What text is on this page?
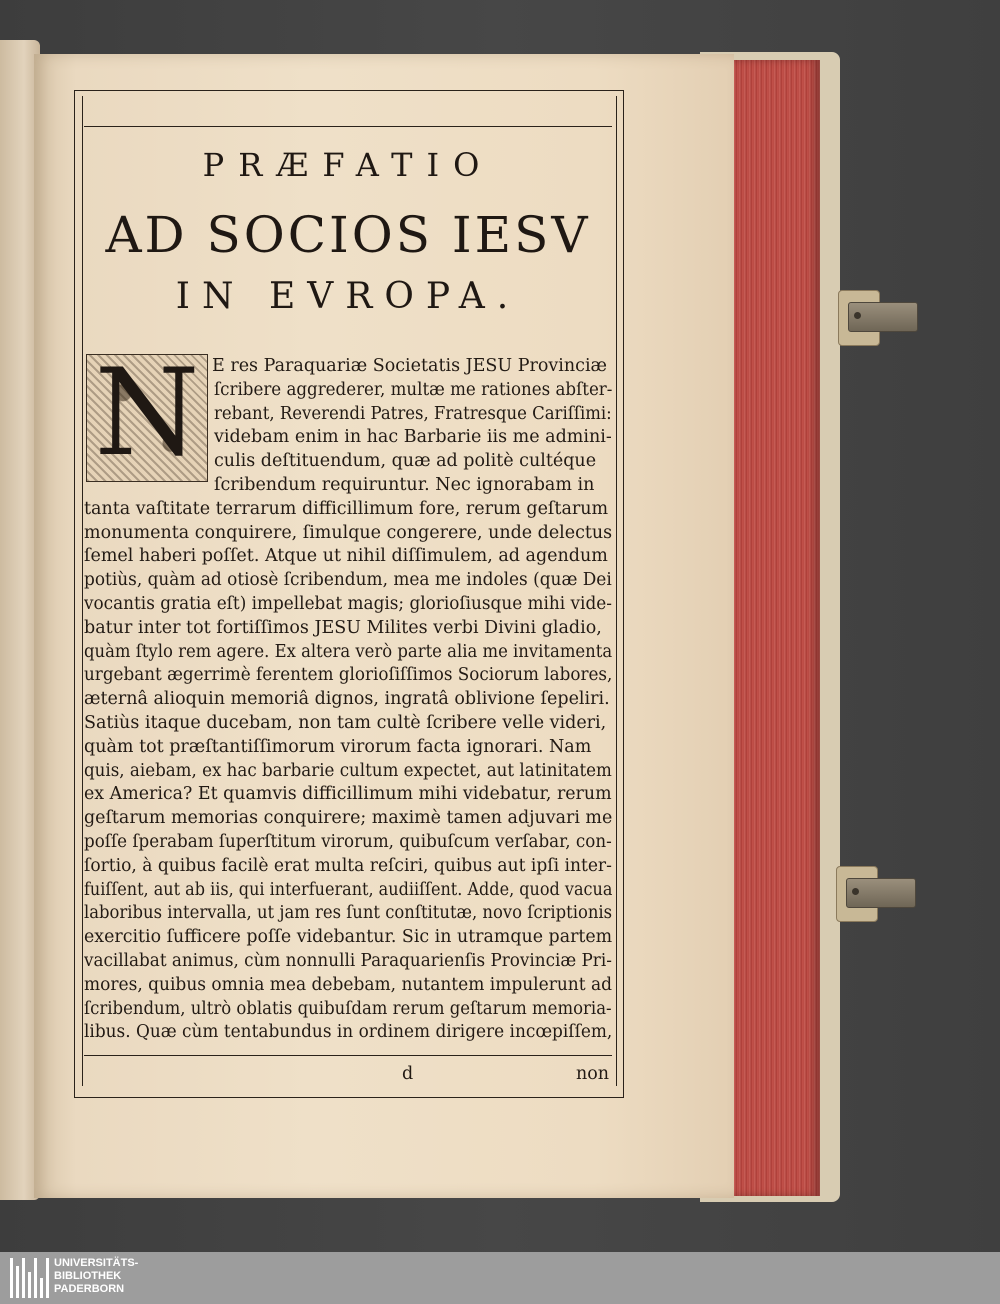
PRÆFATIO
AD SOCIOS IESV
IN EVROPA.
N E res Paraquariæ Societatis JESU Provinciæ
ſcribere aggrederer, multæ me rationes abſter-
rebant, Reverendi Patres, Fratresque Cariſſimi:
videbam enim in hac Barbarie iis me admini-
culis deſtituendum, quæ ad politè cultéque
ſcribendum requiruntur. Nec ignorabam in
tanta vaſtitate terrarum difficillimum fore, rerum geſtarum
monumenta conquirere, ſimulque congerere, unde delectus
ſemel haberi poſſet. Atque ut nihil diſſimulem, ad agendum
potiùs, quàm ad otiosè ſcribendum, mea me indoles (quæ Dei
vocantis gratia eſt) impellebat magis; glorioſiusque mihi vide-
batur inter tot fortiſſimos JESU Milites verbi Divini gladio,
quàm ſtylo rem agere. Ex altera verò parte alia me invitamenta
urgebant ægerrimè ferentem glorioſiſſimos Sociorum labores,
æternâ alioquin memoriâ dignos, ingratâ oblivione ſepeliri.
Satiùs itaque ducebam, non tam cultè ſcribere velle videri,
quàm tot præſtantiſſimorum virorum facta ignorari. Nam
quis, aiebam, ex hac barbarie cultum expectet, aut latinitatem
ex America? Et quamvis difficillimum mihi videbatur, rerum
geſtarum memorias conquirere; maximè tamen adjuvari me
poſſe ſperabam ſuperſtitum virorum, quibuſcum verſabar, con-
ſortio, à quibus facilè erat multa reſciri, quibus aut ipſi inter-
fuiſſent, aut ab iis, qui interfuerant, audiiſſent. Adde, quod vacua
laboribus intervalla, ut jam res ſunt conſtitutæ, novo ſcriptionis
exercitio ſufficere poſſe videbantur. Sic in utramque partem
vacillabat animus, cùm nonnulli Paraquarienſis Provinciæ Pri-
mores, quibus omnia mea debebam, nutantem impulerunt ad
ſcribendum, ultrò oblatis quibuſdam rerum geſtarum memoria-
libus. Quæ cùm tentabundus in ordinem dirigere incœpiſſem,
d	non
UNIVERSITÄTS-
BIBLIOTHEK
PADERBORN
